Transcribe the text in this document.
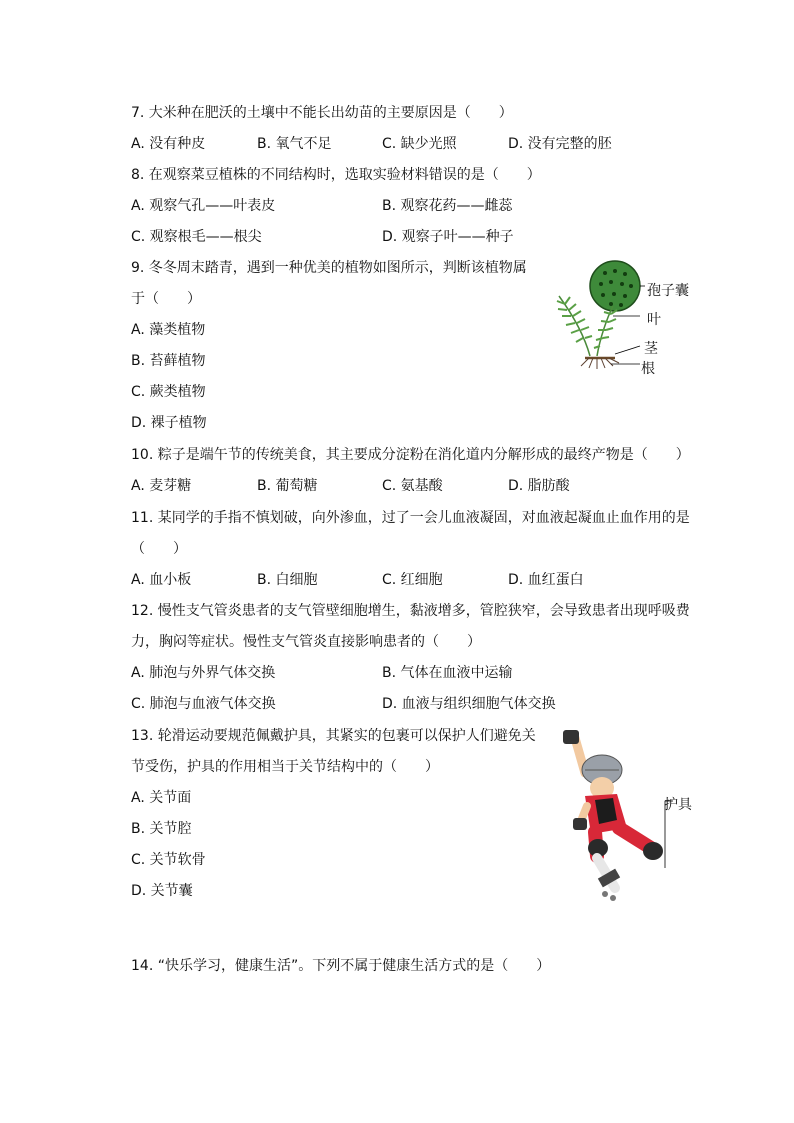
7. 大米种在肥沃的土壤中不能长出幼苗的主要原因是（　　）
A. 没有种皮	B. 氧气不足	C. 缺少光照	D. 没有完整的胚
8. 在观察菜豆植株的不同结构时，选取实验材料错误的是（　　）
A. 观察气孔——叶表皮	B. 观察花药——雌蕊
C. 观察根毛——根尖	D. 观察子叶——种子
9. 冬冬周末踏青，遇到一种优美的植物如图所示，判断该植物属
于（　　）
A. 藻类植物
B. 苔藓植物
C. 蕨类植物
D. 裸子植物
孢子囊
叶
茎
根
10. 粽子是端午节的传统美食，其主要成分淀粉在消化道内分解形成的最终产物是（　　）
A. 麦芽糖	B. 葡萄糖	C. 氨基酸	D. 脂肪酸
11. 某同学的手指不慎划破，向外渗血，过了一会儿血液凝固，对血液起凝血止血作用的是
（　　）
A. 血小板	B. 白细胞	C. 红细胞	D. 血红蛋白
12. 慢性支气管炎患者的支气管壁细胞增生，黏液增多，管腔狭窄，会导致患者出现呼吸费
力，胸闷等症状。慢性支气管炎直接影响患者的（　　）
A. 肺泡与外界气体交换	B. 气体在血液中运输
C. 肺泡与血液气体交换	D. 血液与组织细胞气体交换
13. 轮滑运动要规范佩戴护具，其紧实的包裹可以保护人们避免关
节受伤，护具的作用相当于关节结构中的（　　）
A. 关节面
B. 关节腔
C. 关节软骨
D. 关节囊
护具
14. “快乐学习，健康生活”。下列不属于健康生活方式的是（　　）
